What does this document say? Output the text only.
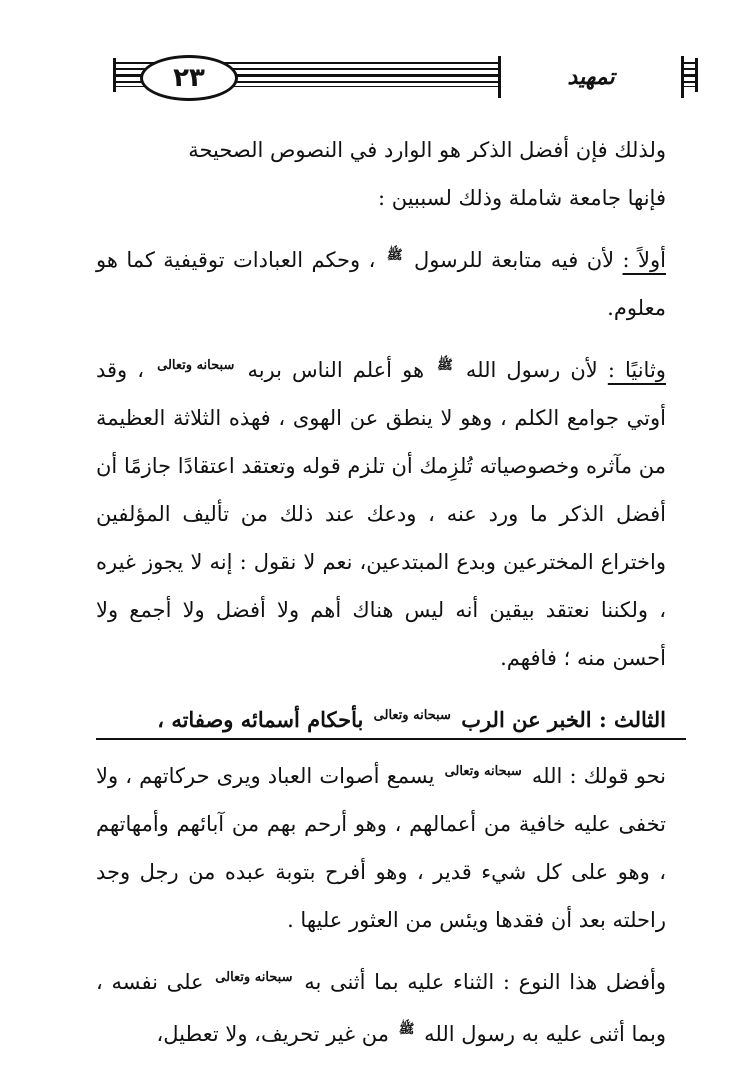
٢٣	تمهيد

ولذلك فإن أفضل الذكر هو الوارد في النصوص الصحيحة

فإنها جامعة شاملة وذلك لسببين :

أولاً : لأن فيه متابعة للرسول ﷺ ، وحكم العبادات توقيفية كما هو معلوم.

وثانيًا : لأن رسول الله ﷺ هو أعلم الناس بربه سبحانه وتعالى ، وقد أوتي جوامع الكلم ، وهو لا ينطق عن الهوى ، فهذه الثلاثة العظيمة من مآثره وخصوصياته تُلزِمك أن تلزم قوله وتعتقد اعتقادًا جازمًا أن أفضل الذكر ما ورد عنه ، ودعك عند ذلك من تأليف المؤلفين واختراع المخترعين وبدع المبتدعين، نعم لا نقول : إنه لا يجوز غيره ، ولكننا نعتقد بيقين أنه ليس هناك أهم ولا أفضل ولا أجمع ولا أحسن منه ؛ فافهم.

الثالث : الخبر عن الرب سبحانه وتعالى بأحكام أسمائه وصفاته ،

نحو قولك : الله سبحانه وتعالى يسمع أصوات العباد ويرى حركاتهم ، ولا تخفى عليه خافية من أعمالهم ، وهو أرحم بهم من آبائهم وأمهاتهم ، وهو على كل شيء قدير ، وهو أفرح بتوبة عبده من رجل وجد راحلته بعد أن فقدها ويئس من العثور عليها .

وأفضل هذا النوع : الثناء عليه بما أثنى به سبحانه وتعالى على نفسه ، وبما أثنى عليه به رسول الله ﷺ من غير تحريف، ولا تعطيل،
